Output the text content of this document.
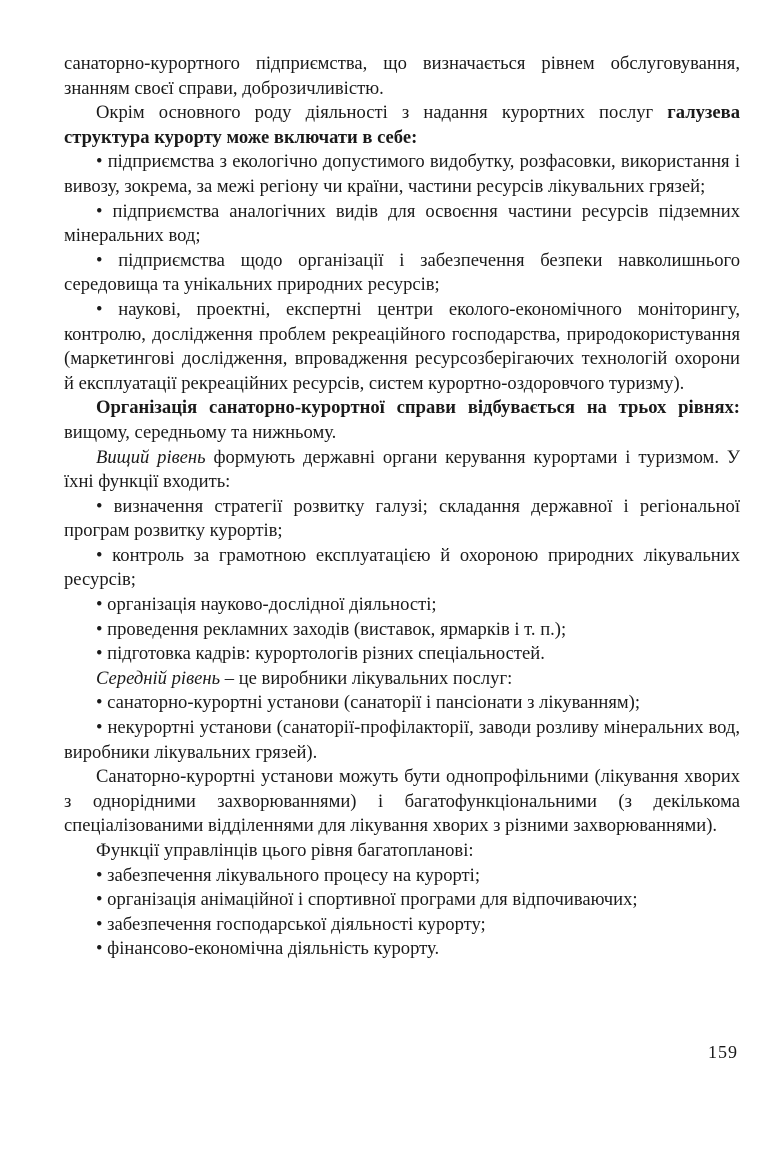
санаторно-курортного підприємства, що визначається рівнем обслуговування, знанням своєї справи, доброзичливістю.

Окрім основного роду діяльності з надання курортних послуг галузева структура курорту може включати в себе:

• підприємства з екологічно допустимого видобутку, розфасовки, використання і вивозу, зокрема, за межі регіону чи країни, частини ресурсів лікувальних грязей;

• підприємства аналогічних видів для освоєння частини ресурсів підземних мінеральних вод;

• підприємства щодо організації і забезпечення безпеки навколишнього середовища та унікальних природних ресурсів;

• наукові, проектні, експертні центри еколого-економічного моніторингу, контролю, дослідження проблем рекреаційного господарства, природокористування (маркетингові дослідження, впровадження ресурсозберігаючих технологій охорони й експлуатації рекреаційних ресурсів, систем курортно-оздоровчого туризму).

Організація санаторно-курортної справи відбувається на трьох рівнях: вищому, середньому та нижньому.

Вищий рівень формують державні органи керування курортами і туризмом. У їхні функції входить:

• визначення стратегії розвитку галузі; складання державної і регіональної програм розвитку курортів;

• контроль за грамотною експлуатацією й охороною природних лікувальних ресурсів;

• організація науково-дослідної діяльності;

• проведення рекламних заходів (виставок, ярмарків і т. п.);

• підготовка кадрів: курортологів різних спеціальностей.

Середній рівень – це виробники лікувальних послуг:

• санаторно-курортні установи (санаторії і пансіонати з лікуванням);

• некурортні установи (санаторії-профілакторії, заводи розливу мінеральних вод, виробники лікувальних грязей).

Санаторно-курортні установи можуть бути однопрофільними (лікування хворих з однорідними захворюваннями) і багатофункціональними (з декількома спеціалізованими відділеннями для лікування хворих з різними захворюваннями).

Функції управлінців цього рівня багатопланові:

• забезпечення лікувального процесу на курорті;

• організація анімаційної і спортивної програми для відпочиваючих;

• забезпечення господарської діяльності курорту;

• фінансово-економічна діяльність курорту.

159
